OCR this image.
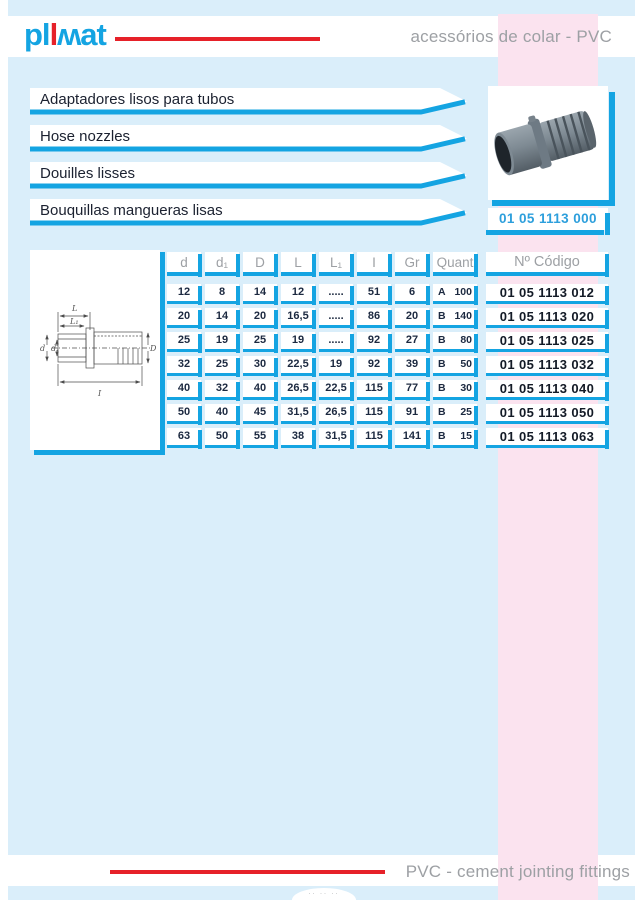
pllʍat	acessórios de colar - PVC
Adaptadores lisos para tubos
Hose nozzles
Douilles lisses
Bouquillas mangueras lisas	01 05 1113 000
L
L₁
d d₁	D
I
d	d₁	D	L	L₁	I	Gr	Quant	Nº Código
12	8	14	12	.....	51	6	A 100	01 05 1113 012
20	14	20	16,5	.....	86	20	B 140	01 05 1113 020
25	19	25	19	.....	92	27	B 80	01 05 1113 025
32	25	30	22,5	19	92	39	B 50	01 05 1113 032
40	32	40	26,5	22,5	115	77	B 30	01 05 1113 040
50	40	45	31,5	26,5	115	91	B 25	01 05 1113 050
63	50	55	38	31,5	115	141	B 15	01 05 1113 063
PVC - cement jointing fittings
·· ·· ··
